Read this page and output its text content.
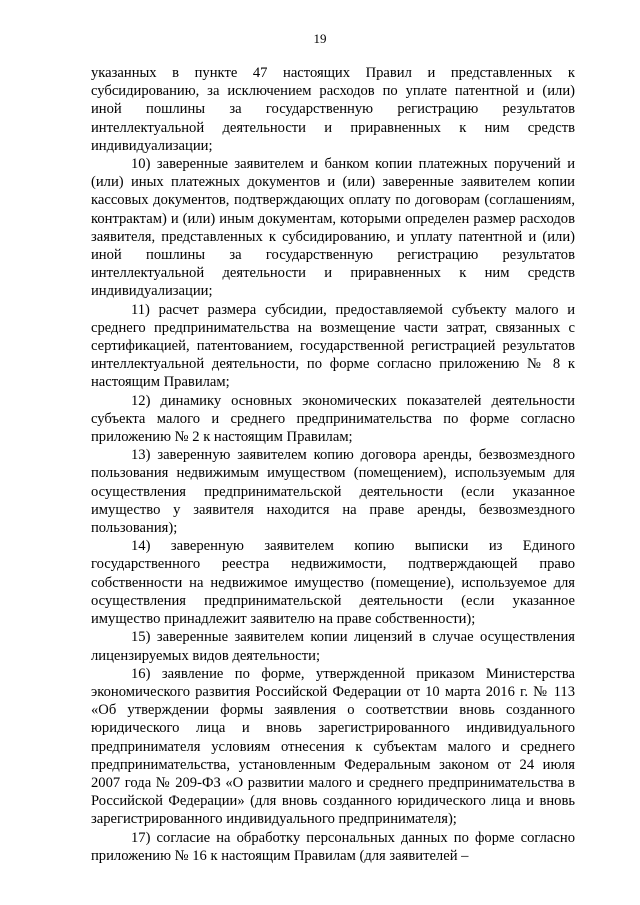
19

указанных в пункте 47 настоящих Правил и представленных к субсидированию, за исключением расходов по уплате патентной и (или) иной пошлины за государственную регистрацию результатов интеллектуальной деятельности и приравненных к ним средств индивидуализации;

10) заверенные заявителем и банком копии платежных поручений и (или) иных платежных документов и (или) заверенные заявителем копии кассовых документов, подтверждающих оплату по договорам (соглашениям, контрактам) и (или) иным документам, которыми определен размер расходов заявителя, представленных к субсидированию, и уплату патентной и (или) иной пошлины за государственную регистрацию результатов интеллектуальной деятельности и приравненных к ним средств индивидуализации;

11) расчет размера субсидии, предоставляемой субъекту малого и среднего предпринимательства на возмещение части затрат, связанных с сертификацией, патентованием, государственной регистрацией результатов интеллектуальной деятельности, по форме согласно приложению № 8 к настоящим Правилам;

12) динамику основных экономических показателей деятельности субъекта малого и среднего предпринимательства по форме согласно приложению № 2 к настоящим Правилам;

13) заверенную заявителем копию договора аренды, безвозмездного пользования недвижимым имуществом (помещением), используемым для осуществления предпринимательской деятельности (если указанное имущество у заявителя находится на праве аренды, безвозмездного пользования);

14) заверенную заявителем копию выписки из Единого государственного реестра недвижимости, подтверждающей право собственности на недвижимое имущество (помещение), используемое для осуществления предпринимательской деятельности (если указанное имущество принадлежит заявителю на праве собственности);

15) заверенные заявителем копии лицензий в случае осуществления лицензируемых видов деятельности;

16) заявление по форме, утвержденной приказом Министерства экономического развития Российской Федерации от 10 марта 2016 г. № 113 «Об утверждении формы заявления о соответствии вновь созданного юридического лица и вновь зарегистрированного индивидуального предпринимателя условиям отнесения к субъектам малого и среднего предпринимательства, установленным Федеральным законом от 24 июля 2007 года № 209-ФЗ «О развитии малого и среднего предпринимательства в Российской Федерации» (для вновь созданного юридического лица и вновь зарегистрированного индивидуального предпринимателя);

17) согласие на обработку персональных данных по форме согласно приложению № 16 к настоящим Правилам (для заявителей –
